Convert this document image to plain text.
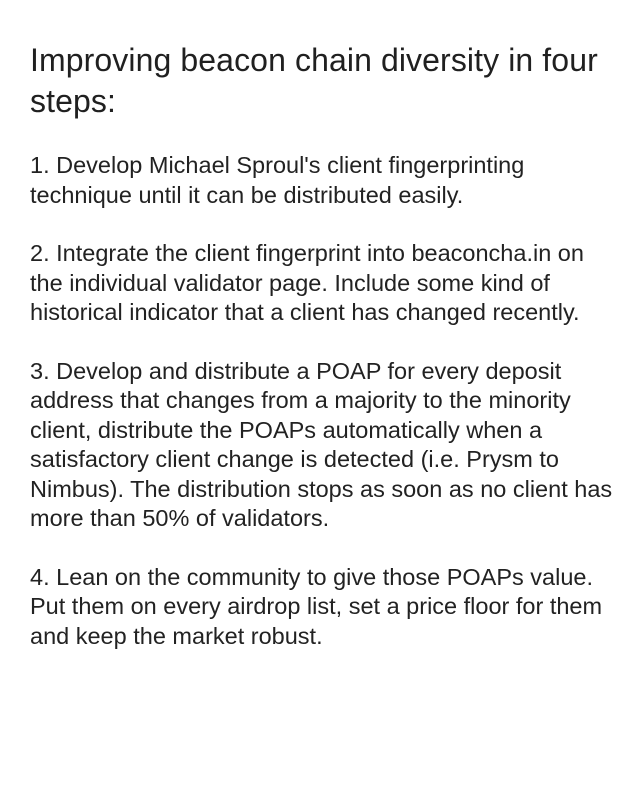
Improving beacon chain diversity in four steps:

1. Develop Michael Sproul's client fingerprinting technique until it can be distributed easily.

2. Integrate the client fingerprint into beaconcha.in on the individual validator page. Include some kind of historical indicator that a client has changed recently.

3. Develop and distribute a POAP for every deposit address that changes from a majority to the minority client, distribute the POAPs automatically when a satisfactory client change is detected (i.e. Prysm to Nimbus). The distribution stops as soon as no client has more than 50% of validators.

4. Lean on the community to give those POAPs value. Put them on every airdrop list, set a price floor for them and keep the market robust.
